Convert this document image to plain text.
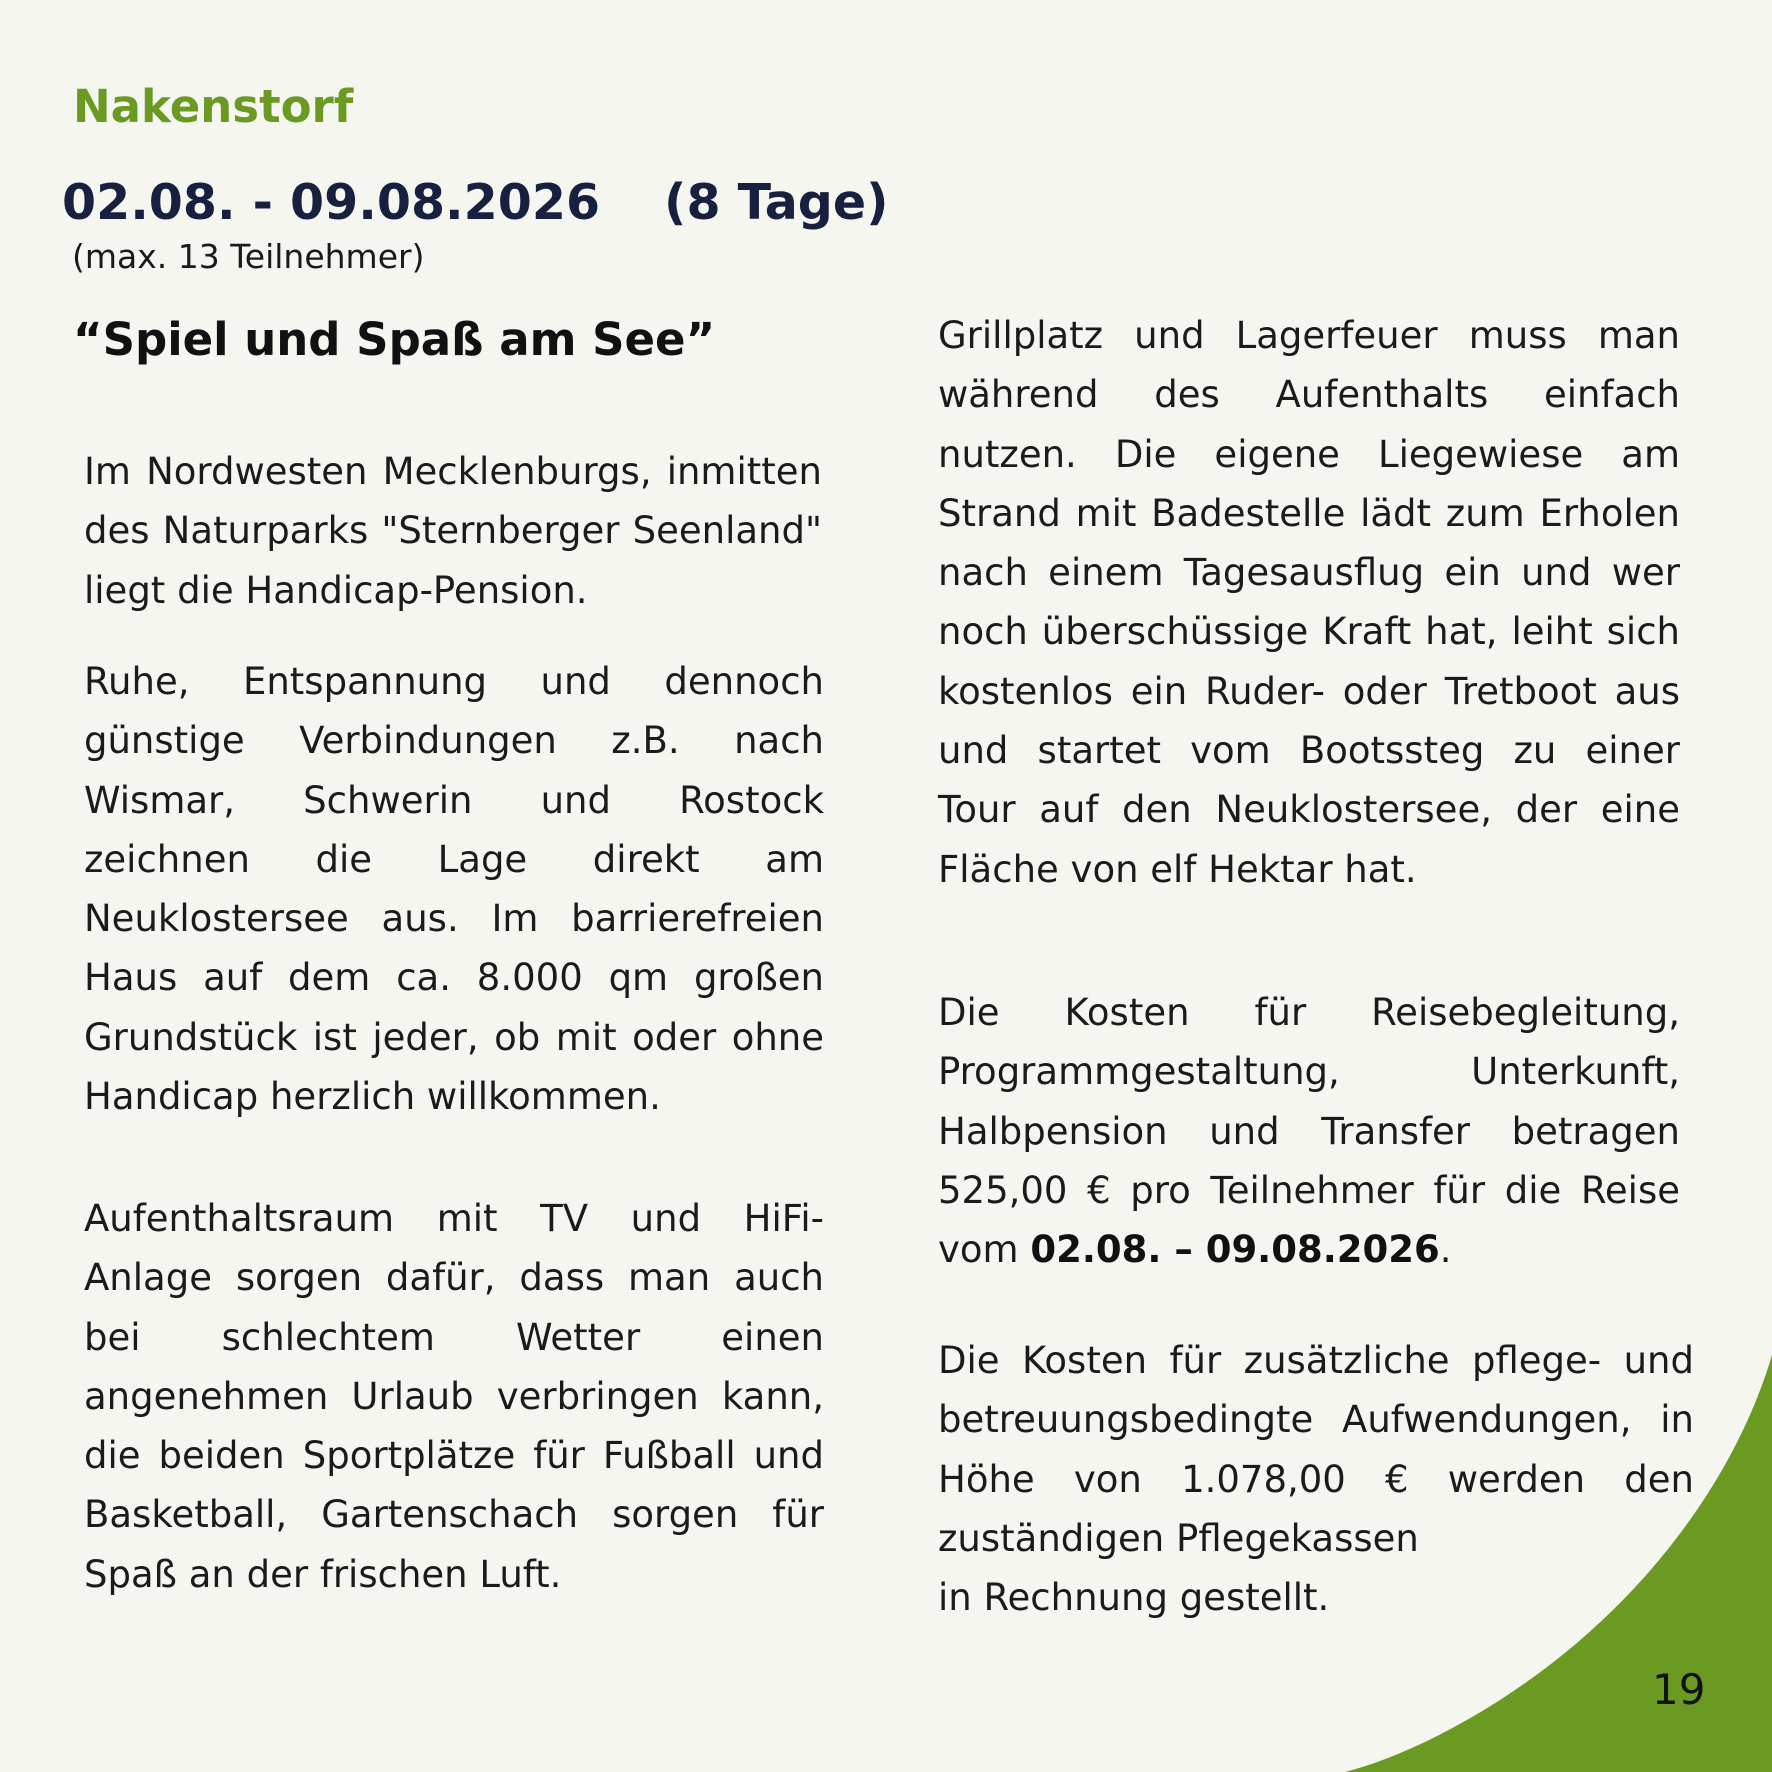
Nakenstorf
02.08. - 09.08.2026 (8 Tage)
(max. 13 Teilnehmer)
“Spiel und Spaß am See”

Im Nordwesten Mecklenburgs, inmitten des Naturparks "Sternberger Seenland" liegt die Handicap-Pension.

Ruhe, Entspannung und dennoch günstige Verbindungen z.B. nach Wismar, Schwerin und Rostock zeichnen die Lage direkt am Neuklostersee aus. Im barrierefreien Haus auf dem ca. 8.000 qm großen Grundstück ist jeder, ob mit oder ohne Handicap herzlich willkommen.

Aufenthaltsraum mit TV und HiFi-Anlage sorgen dafür, dass man auch bei schlechtem Wetter einen angenehmen Urlaub verbringen kann, die beiden Sportplätze für Fußball und Basketball, Gartenschach sorgen für Spaß an der frischen Luft.

Grillplatz und Lagerfeuer muss man während des Aufenthalts einfach nutzen. Die eigene Liegewiese am Strand mit Badestelle lädt zum Erholen nach einem Tagesausflug ein und wer noch überschüssige Kraft hat, leiht sich kostenlos ein Ruder- oder Tretboot aus und startet vom Bootssteg zu einer Tour auf den Neuklostersee, der eine Fläche von elf Hektar hat.

Die Kosten für Reisebegleitung, Programmgestaltung, Unterkunft, Halbpension und Transfer betragen 525,00 € pro Teilnehmer für die Reise vom 02.08. – 09.08.2026.

Die Kosten für zusätzliche pflege- und betreuungsbedingte Aufwendungen, in Höhe von 1.078,00 € werden den zuständigen Pflegekassen
in Rechnung gestellt.

19
